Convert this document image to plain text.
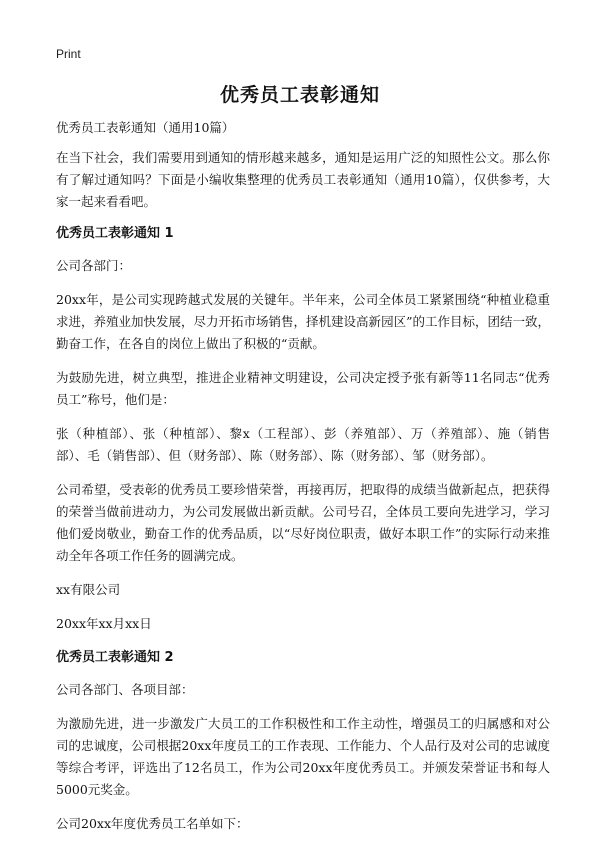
Print
优秀员工表彰通知

优秀员工表彰通知（通用10篇）

在当下社会，我们需要用到通知的情形越来越多，通知是运用广泛的知照性公文。那么你有了解过通知吗？下面是小编收集整理的优秀员工表彰通知（通用10篇），仅供参考，大家一起来看看吧。

优秀员工表彰通知 1

公司各部门：

20xx年，是公司实现跨越式发展的关键年。半年来，公司全体员工紧紧围绕“种植业稳重求进，养殖业加快发展，尽力开拓市场销售，择机建设高新园区”的工作目标，团结一致，勤奋工作，在各自的岗位上做出了积极的“贡献。

为鼓励先进，树立典型，推进企业精神文明建设，公司决定授予张有新等11名同志“优秀员工”称号，他们是：

张（种植部）、张（种植部）、黎x（工程部）、彭（养殖部）、万（养殖部）、施（销售部）、毛（销售部）、但（财务部）、陈（财务部）、陈（财务部）、邹（财务部）。

公司希望，受表彰的优秀员工要珍惜荣誉，再接再厉，把取得的成绩当做新起点，把获得的荣誉当做前进动力，为公司发展做出新贡献。公司号召，全体员工要向先进学习，学习他们爱岗敬业，勤奋工作的优秀品质，以“尽好岗位职责，做好本职工作”的实际行动来推动全年各项工作任务的圆满完成。

xx有限公司

20xx年xx月xx日

优秀员工表彰通知 2

公司各部门、各项目部：

为激励先进，进一步激发广大员工的工作积极性和工作主动性，增强员工的归属感和对公司的忠诚度，公司根据20xx年度员工的工作表现、工作能力、个人品行及对公司的忠诚度等综合考评，评选出了12名员工，作为公司20xx年度优秀员工。并颁发荣誉证书和每人5000元奖金。

公司20xx年度优秀员工名单如下：
